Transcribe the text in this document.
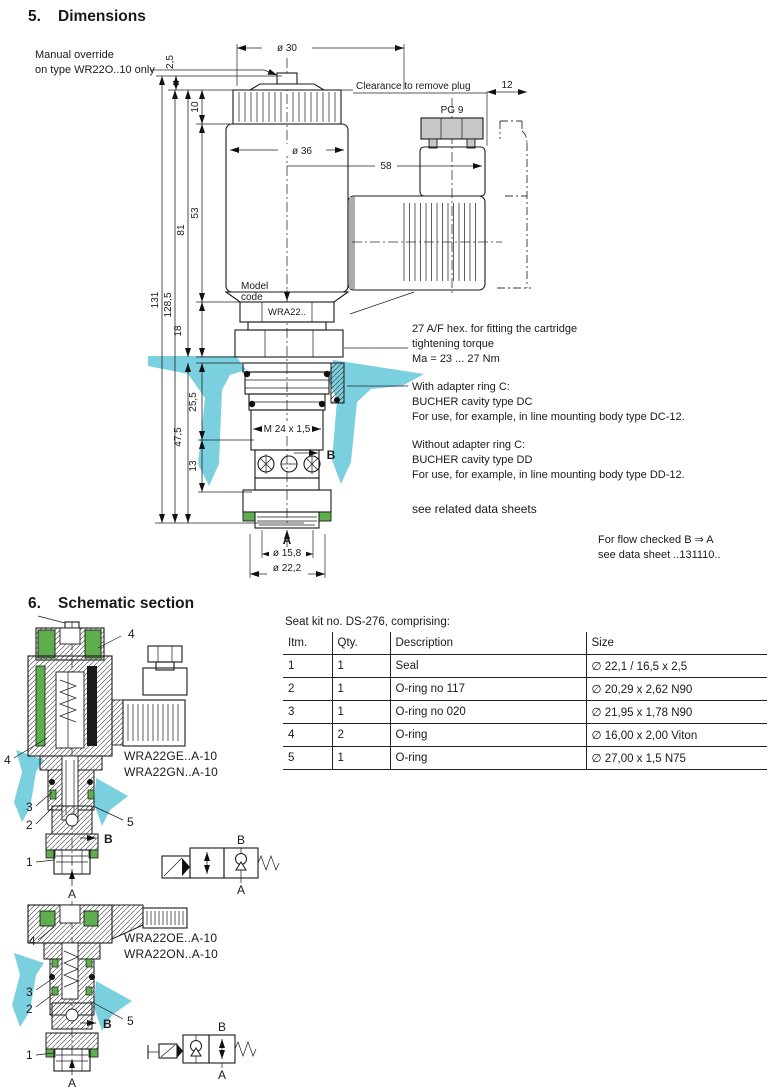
5.	Dimensions
Manual override
on type WR22O..10 only
27 A/F hex. for fitting the cartridge
tightening torque
Ma = 23 ... 27 Nm
With adapter ring C:
BUCHER cavity type DC
For use, for example, in line mounting body type DC-12.
Without adapter ring C:
BUCHER cavity type DD
For use, for example, in line mounting body type DD-12.
see related data sheets
For flow checked B ⇒ A
see data sheet ..131110..
WRA22..
Model
code
B
A
ø 30
ø 36
58
12
PG 9
Clearance to remove plug
2,5
10
53
81
131 128,5
18
25,5
47,5
13
M 24 x 1,5
ø 15,8
ø 22,2
6.	Schematic section
Seat kit no. DS-276, comprising:
Itm.	Qty.	Description	Size
1	1	Seal	∅ 22,1 / 16,5 x 2,5
2	1	O-ring no 117	∅ 20,29 x 2,62 N90
3	1	O-ring no 020	∅ 21,95 x 1,78 N90
4	2	O-ring	∅ 16,00 x 2,00 Viton
5	1	O-ring	∅ 27,00 x 1,5 N75
4
4
3
2	5
1
B
A
WRA22GE..A-10
WRA22GN..A-10
B
A
4
3
2
5
1
B
A
WRA22OE..A-10
WRA22ON..A-10
B
A
